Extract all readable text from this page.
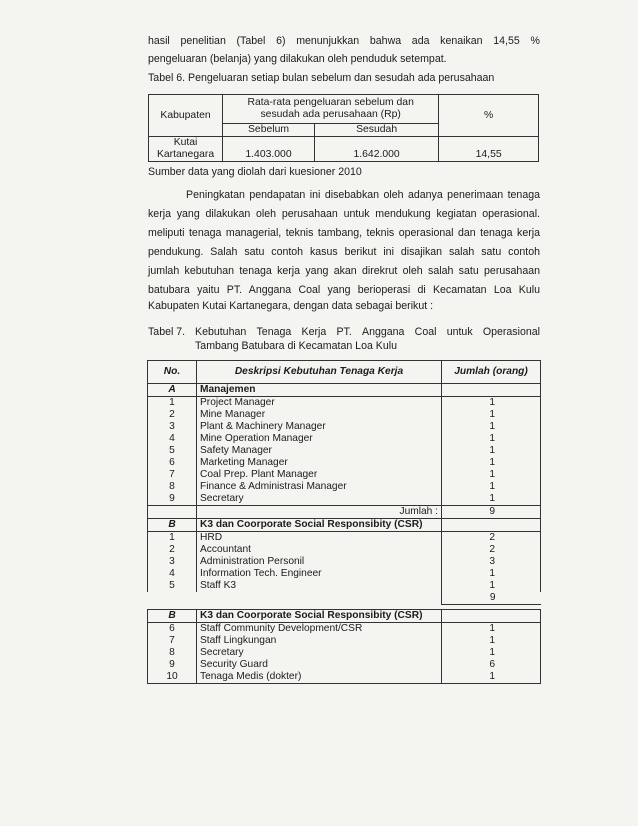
hasil penelitian (Tabel 6) menunjukkan bahwa ada kenaikan 14,55 %
pengeluaran (belanja) yang dilakukan oleh penduduk setempat.
Tabel 6. Pengeluaran setiap bulan sebelum dan sesudah ada perusahaan
Kabupaten	Rata-rata pengeluaran sebelum dan
sesudah ada perusahaan (Rp)		%
	Sebelum	Sesudah	

Kutai
Kartanegara	1.403.000	1.642.000	14,55
Sumber data yang diolah dari kuesioner 2010
Peningkatan pendapatan ini disebabkan oleh adanya penerimaan tenaga
kerja yang dilakukan oleh perusahaan untuk mendukung kegiatan operasional.
meliputi tenaga managerial, teknis tambang, teknis operasional dan tenaga kerja
pendukung. Salah satu contoh kasus berikut ini disajikan salah satu contoh
jumlah kebutuhan tenaga kerja yang akan direkrut oleh salah satu perusahaan
batubara yaitu PT. Anggana Coal yang berioperasi di Kecamatan Loa Kulu
Kabupaten Kutai Kartanegara, dengan data sebagai berikut :
Tabel 7. Kebutuhan Tenaga Kerja PT. Anggana Coal untuk Operasional
Tambang Batubara di Kecamatan Loa Kulu
No.	Deskripsi Kebutuhan Tenaga Kerja	Jumlah (orang)
A	Manajemen	
1	Project Manager	1
2	Mine Manager	1
3	Plant & Machinery Manager	1
4	Mine Operation Manager	1
5	Safety Manager	1
6	Marketing Manager	1
7	Coal Prep. Plant Manager	1
8	Finance & Administrasi Manager	1
9	Secretary	1
	Jumlah :	9
B	K3 dan Coorporate Social Responsibity (CSR)	
1	HRD	2
2	Accountant	2
3	Administration Personil	3
4	Information Tech. Engineer	1
5	Staff K3	1
		9
B	K3 dan Coorporate Social Responsibity (CSR)	
6	Staff Community Development/CSR	1
7	Staff Lingkungan	1
8	Secretary	1
9	Security Guard	6
10	Tenaga Medis (dokter)	1
